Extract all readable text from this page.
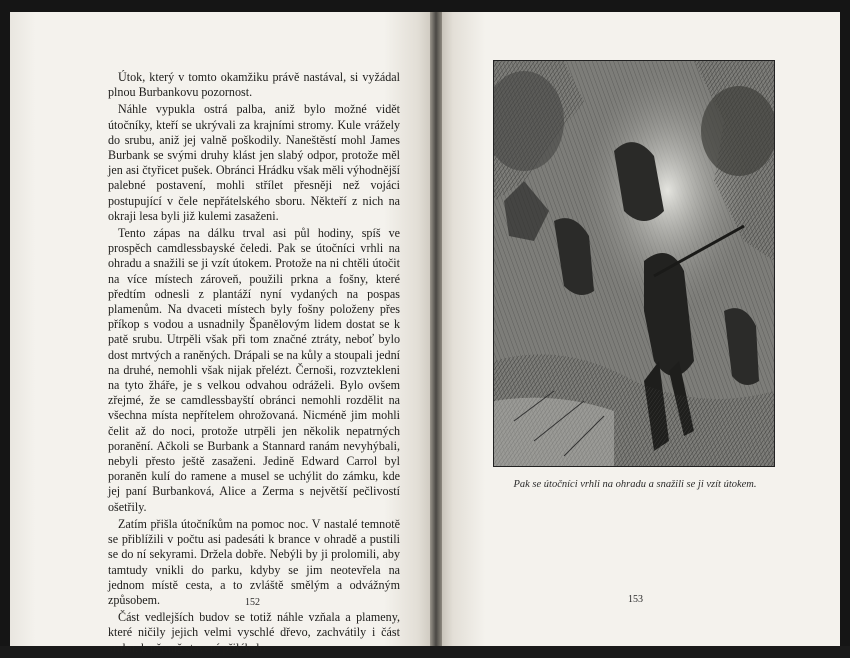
Útok, který v tomto okamžiku právě nastával, si vyžádal plnou Burbankovu pozornost.

Náhle vypukla ostrá palba, aniž bylo možné vidět útočníky, kteří se ukrývali za krajními stromy. Kule vrážely do srubu, aniž jej valně poškodily. Naneštěstí mohl James Burbank se svými druhy klást jen slabý odpor, protože měl jen asi čtyřicet pušek. Obránci Hrádku však měli výhodnější palebné postavení, mohli střílet přesněji než vojáci postupující v čele nepřátelského sboru. Někteří z nich na okraji lesa byli již kulemi zasaženi.

Tento zápas na dálku trval asi půl hodiny, spíš ve prospěch camdlessbayské čeledi. Pak se útočníci vrhli na ohradu a snažili se ji vzít útokem. Protože na ni chtěli útočit na více místech zároveň, použili prkna a fošny, které předtím odnesli z plantáží nyní vydaných na pospas plamenům. Na dvaceti místech byly fošny položeny přes příkop s vodou a usnadnily Španělovým lidem dostat se k patě srubu. Utrpěli však při tom značné ztráty, neboť bylo dost mrtvých a raněných. Drápali se na kůly a stoupali jední na druhé, nemohli však nijak přelézt. Černoši, rozvztekleni na tyto žháře, je s velkou odvahou odráželi. Bylo ovšem zřejmé, že se camdlessbayští obránci nemohli rozdělit na všechna místa nepřítelem ohrožovaná. Nicméně jim mohli čelit až do noci, protože utrpěli jen několik nepatrných poranění. Ačkoli se Burbank a Stannard ranám nevyhýbali, nebyli přesto ještě zasaženi. Jedině Edward Carrol byl poraněn kulí do ramene a musel se uchýlit do zámku, kde jej paní Burbanková, Alice a Zerma s největší pečlivostí ošetřily.

Zatím přišla útočníkům na pomoc noc. V nastalé temnotě se přiblížili v počtu asi padesáti k brance v ohradě a pustili se do ní sekyrami. Držela dobře. Nebýli by ji prolomili, aby tamtudy vnikli do parku, kdyby se jim neotevřela na jednom místě cesta, a to zvláště smělým a odvážným způsobem.

Část vedlejších budov se totiž náhle vzňala a plameny, které ničily jejich velmi vyschlé dřevo, zachvátily i část srubu, k němuž stavení přiléhalo.

152
Pak se útočníci vrhli na ohradu a snažili se ji vzít útokem.
153
